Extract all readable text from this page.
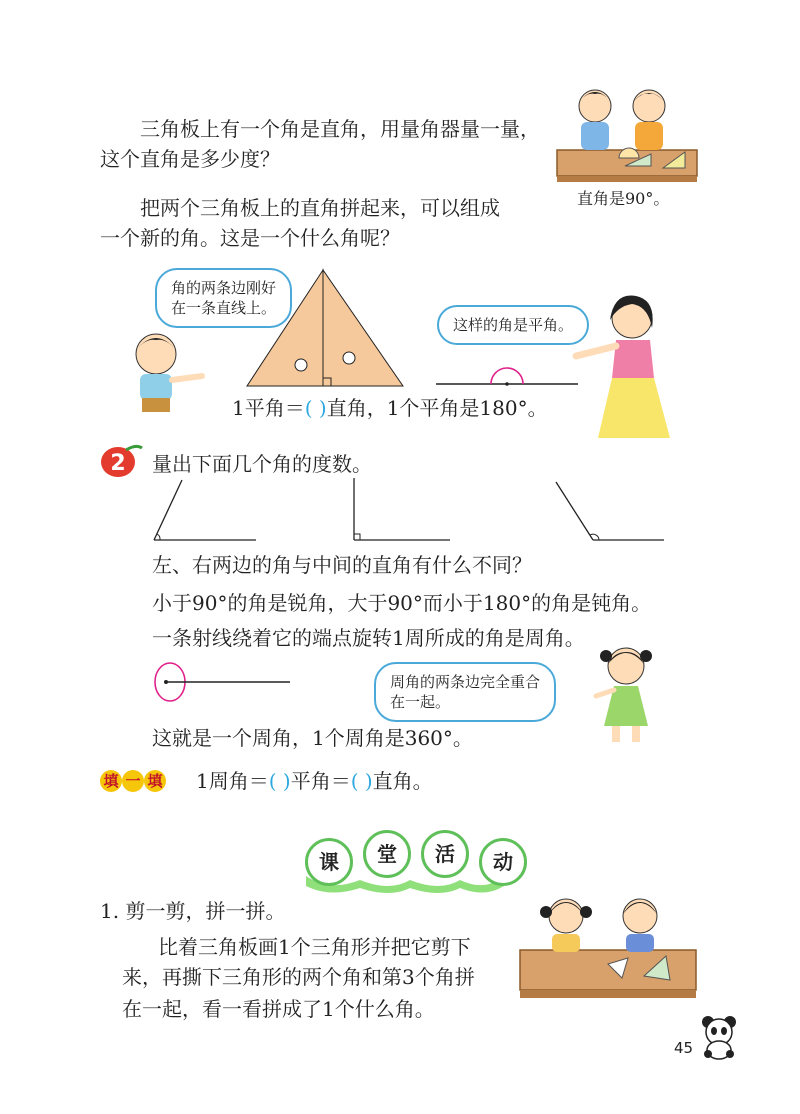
三角板上有一个角是直角，用量角器量一量，
这个直角是多少度？
直角是90°。
把两个三角板上的直角拼起来，可以组成
一个新的角。这是一个什么角呢？
角的两条边刚好
在一条直线上。
这样的角是平角。
1平角＝( )直角，1个平角是180°。
2 量出下面几个角的度数。
左、右两边的角与中间的直角有什么不同？
小于90°的角是锐角，大于90°而小于180°的角是钝角。
一条射线绕着它的端点旋转1周所成的角是周角。
周角的两条边完全重合
在一起。
这就是一个周角，1个周角是360°。
填 一 填 1周角＝( )平角＝( )直角。
课	堂	活	动
1. 剪一剪，拼一拼。
比着三角板画1个三角形并把它剪下
来，再撕下三角形的两个角和第3个角拼
在一起，看一看拼成了1个什么角。
45
